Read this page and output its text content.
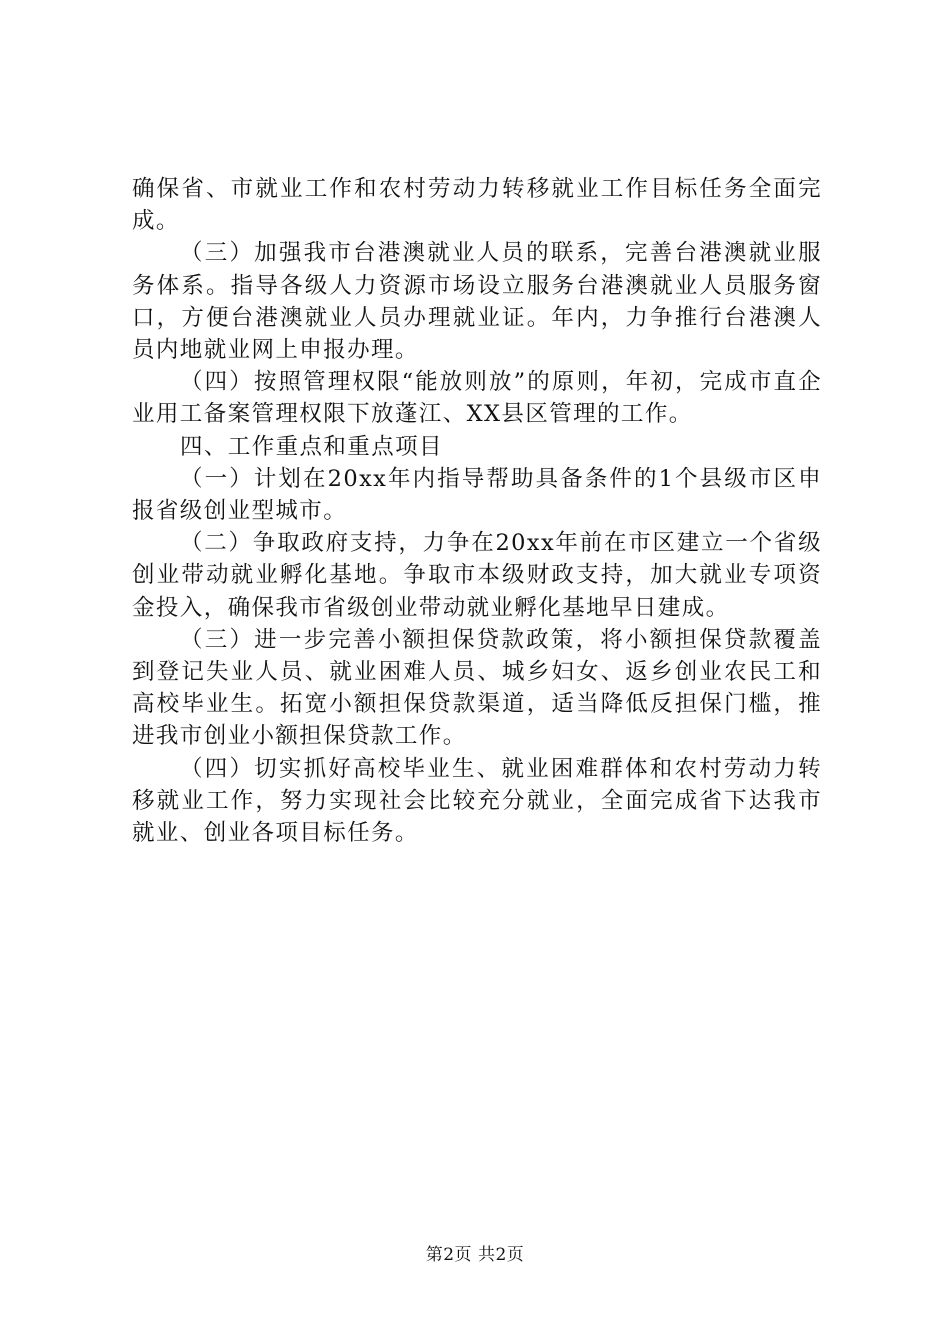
确保省、市就业工作和农村劳动力转移就业工作目标任务全面完成。

（三）加强我市台港澳就业人员的联系，完善台港澳就业服务体系。指导各级人力资源市场设立服务台港澳就业人员服务窗口，方便台港澳就业人员办理就业证。年内，力争推行台港澳人员内地就业网上申报办理。

（四）按照管理权限“能放则放”的原则，年初，完成市直企业用工备案管理权限下放蓬江、XX县区管理的工作。

四、工作重点和重点项目

（一）计划在20xx年内指导帮助具备条件的1个县级市区申报省级创业型城市。

（二）争取政府支持，力争在20xx年前在市区建立一个省级创业带动就业孵化基地。争取市本级财政支持，加大就业专项资金投入，确保我市省级创业带动就业孵化基地早日建成。

（三）进一步完善小额担保贷款政策，将小额担保贷款覆盖到登记失业人员、就业困难人员、城乡妇女、返乡创业农民工和高校毕业生。拓宽小额担保贷款渠道，适当降低反担保门槛，推进我市创业小额担保贷款工作。

（四）切实抓好高校毕业生、就业困难群体和农村劳动力转移就业工作，努力实现社会比较充分就业，全面完成省下达我市就业、创业各项目标任务。

第2页 共2页
